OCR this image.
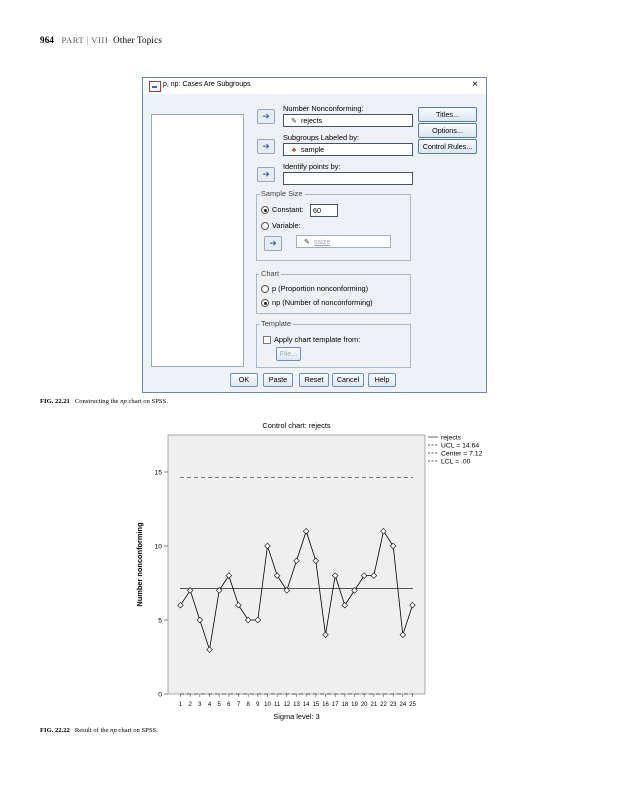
964 PART | VIII Other Topics
p, np: Cases Are Subgroups	×
➜
Number Nonconforming:
✎ rejects
➜
Subgroups Labeled by:
♣ sample
➜
Identify points by:
Titles...
Options...
Control Rules...
Sample Size
Constant:	60
Variable:
➜	✎ ssize
Chart
p (Proportion nonconforming)
np (Number of nonconforming)
Template
Apply chart template from:
File...
OK	Paste	Reset	Cancel	Help
FIG. 22.21 Constructing the np chart on SPSS.
Control chart: rejects
0
5
10
15
1 2 3 4 5 6 7 8 9 10 11 12 13 14 15 16 17 18 19 20 21 22 23 24 25
Sigma level: 3
Number nonconforming
rejects
UCL = 14.64
Center = 7.12
LCL = .00
FIG. 22.22 Result of the np chart on SPSS.
